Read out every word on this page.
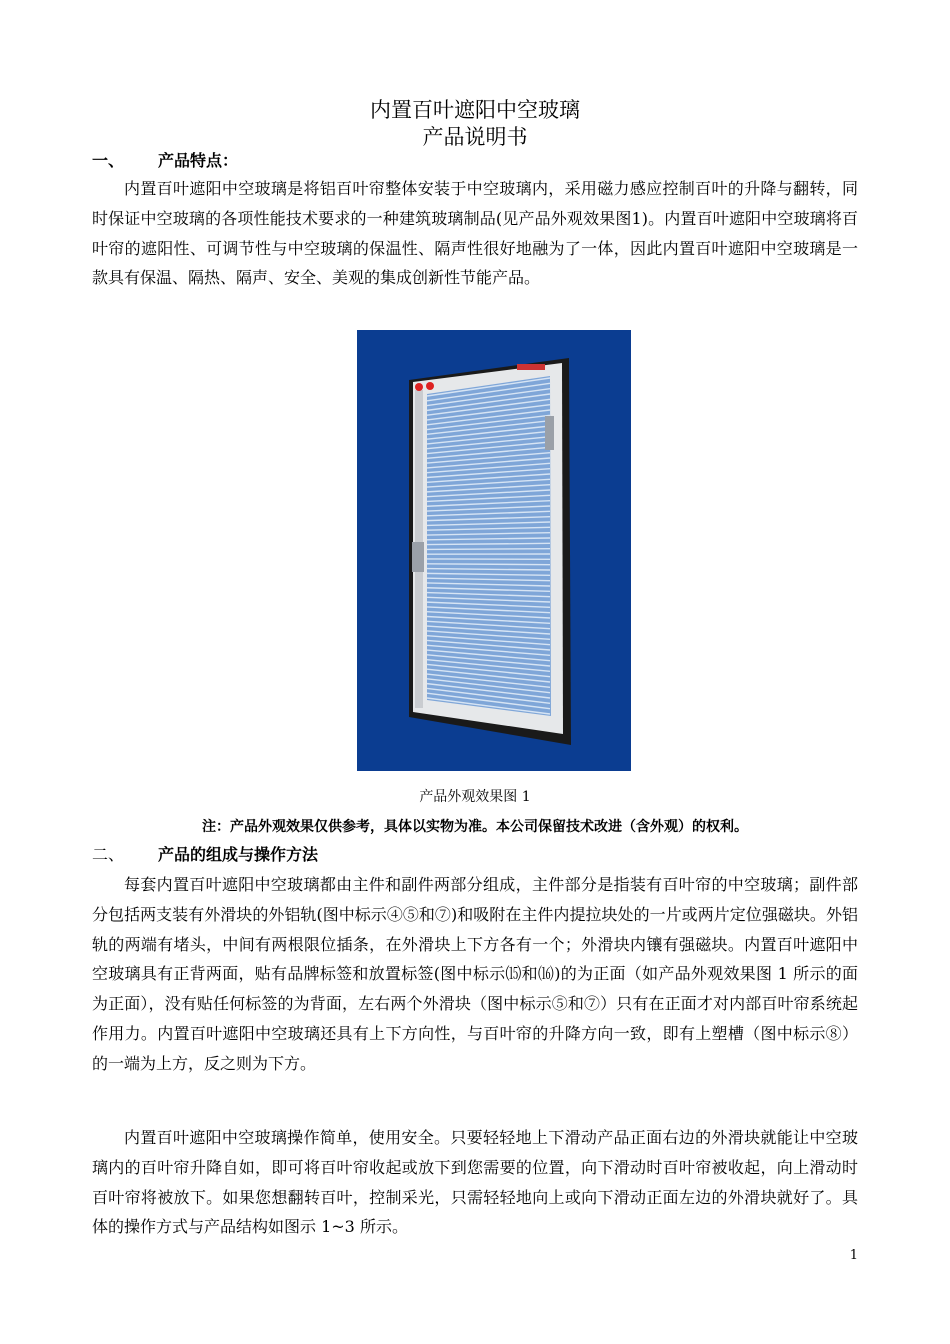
内置百叶遮阳中空玻璃
产品说明书
一、 产品特点：

内置百叶遮阳中空玻璃是将铝百叶帘整体安装于中空玻璃内，采用磁力感应控制百叶的升降与翻转，同时保证中空玻璃的各项性能技术要求的一种建筑玻璃制品(见产品外观效果图1)。内置百叶遮阳中空玻璃将百叶帘的遮阳性、可调节性与中空玻璃的保温性、隔声性很好地融为了一体，因此内置百叶遮阳中空玻璃是一款具有保温、隔热、隔声、安全、美观的集成创新性节能产品。

产品外观效果图 1
注：产品外观效果仅供参考，具体以实物为准。本公司保留技术改进（含外观）的权利。
二、 产品的组成与操作方法

每套内置百叶遮阳中空玻璃都由主件和副件两部分组成，主件部分是指装有百叶帘的中空玻璃；副件部分包括两支装有外滑块的外铝轨(图中标示④⑤和⑦)和吸附在主件内提拉块处的一片或两片定位强磁块。外铝轨的两端有堵头，中间有两根限位插条，在外滑块上下方各有一个；外滑块内镶有强磁块。内置百叶遮阳中空玻璃具有正背两面，贴有品牌标签和放置标签(图中标示⒂和⒃)的为正面（如产品外观效果图 1 所示的面为正面），没有贴任何标签的为背面，左右两个外滑块（图中标示⑤和⑦）只有在正面才对内部百叶帘系统起作用力。内置百叶遮阳中空玻璃还具有上下方向性，与百叶帘的升降方向一致，即有上塑槽（图中标示⑧）的一端为上方，反之则为下方。

内置百叶遮阳中空玻璃操作简单，使用安全。只要轻轻地上下滑动产品正面右边的外滑块就能让中空玻璃内的百叶帘升降自如，即可将百叶帘收起或放下到您需要的位置，向下滑动时百叶帘被收起，向上滑动时百叶帘将被放下。如果您想翻转百叶，控制采光，只需轻轻地向上或向下滑动正面左边的外滑块就好了。具体的操作方式与产品结构如图示 1~3 所示。

1
